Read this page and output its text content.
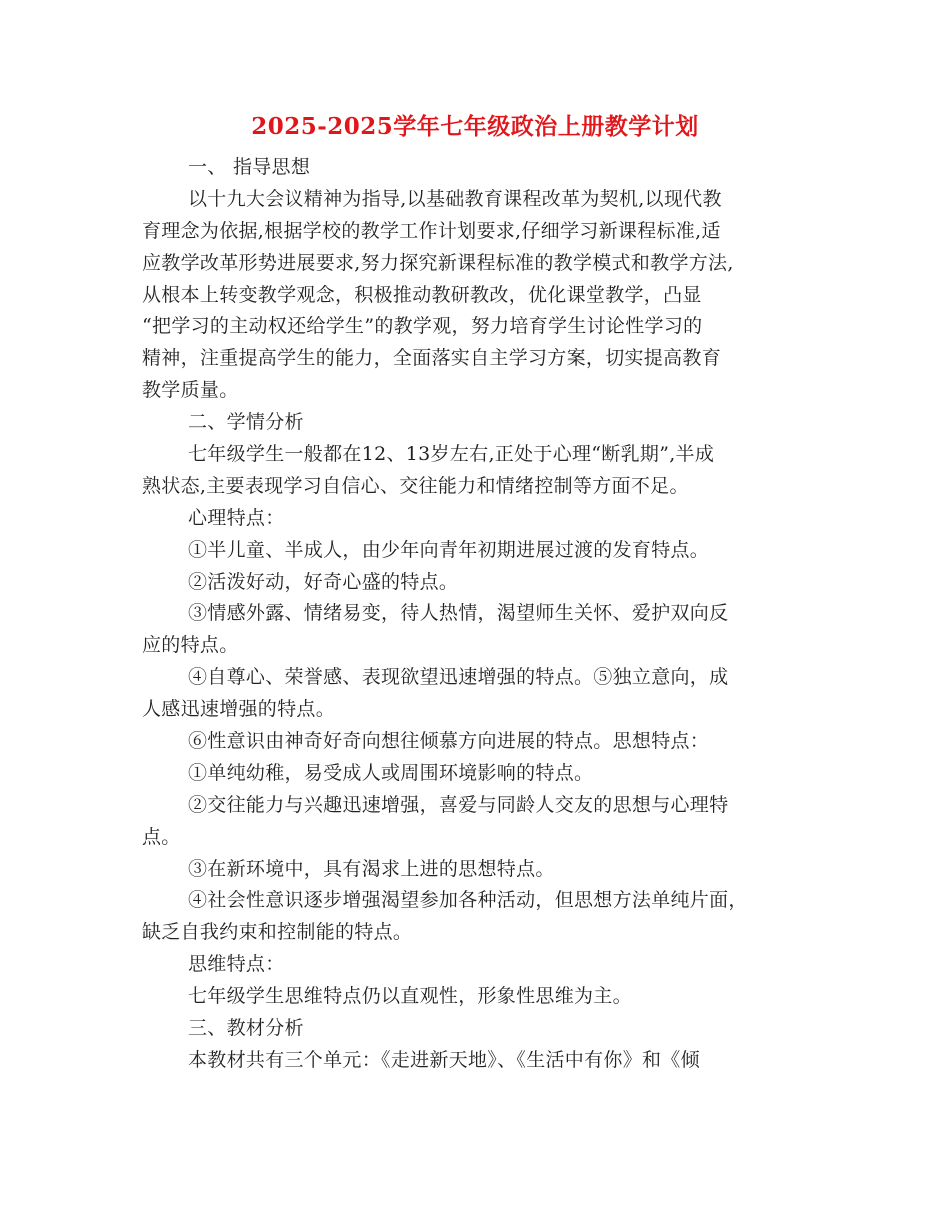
2025-2025学年七年级政治上册教学计划
一、 指导思想
以十九大会议精神为指导,以基础教育课程改革为契机,以现代教
育理念为依据,根据学校的教学工作计划要求,仔细学习新课程标准,适
应教学改革形势进展要求,努力探究新课程标准的教学模式和教学方法,
从根本上转变教学观念，积极推动教研教改，优化课堂教学，凸显
“把学习的主动权还给学生”的教学观，努力培育学生讨论性学习的
精神，注重提高学生的能力，全面落实自主学习方案，切实提高教育
教学质量。
二、学情分析
七年级学生一般都在12、13岁左右,正处于心理“断乳期”,半成
熟状态,主要表现学习自信心、交往能力和情绪控制等方面不足。
心理特点：
①半儿童、半成人，由少年向青年初期进展过渡的发育特点。
②活泼好动，好奇心盛的特点。
③情感外露、情绪易变，待人热情，渴望师生关怀、爱护双向反
应的特点。
④自尊心、荣誉感、表现欲望迅速增强的特点。⑤独立意向，成
人感迅速增强的特点。
⑥性意识由神奇好奇向想往倾慕方向进展的特点。思想特点：
①单纯幼稚，易受成人或周围环境影响的特点。
②交往能力与兴趣迅速增强，喜爱与同龄人交友的思想与心理特
点。
③在新环境中，具有渴求上进的思想特点。
④社会性意识逐步增强渴望参加各种活动，但思想方法单纯片面，
缺乏自我约束和控制能的特点。
思维特点：
七年级学生思维特点仍以直观性，形象性思维为主。
三、教材分析
本教材共有三个单元：《走进新天地》、《生活中有你》和《倾
